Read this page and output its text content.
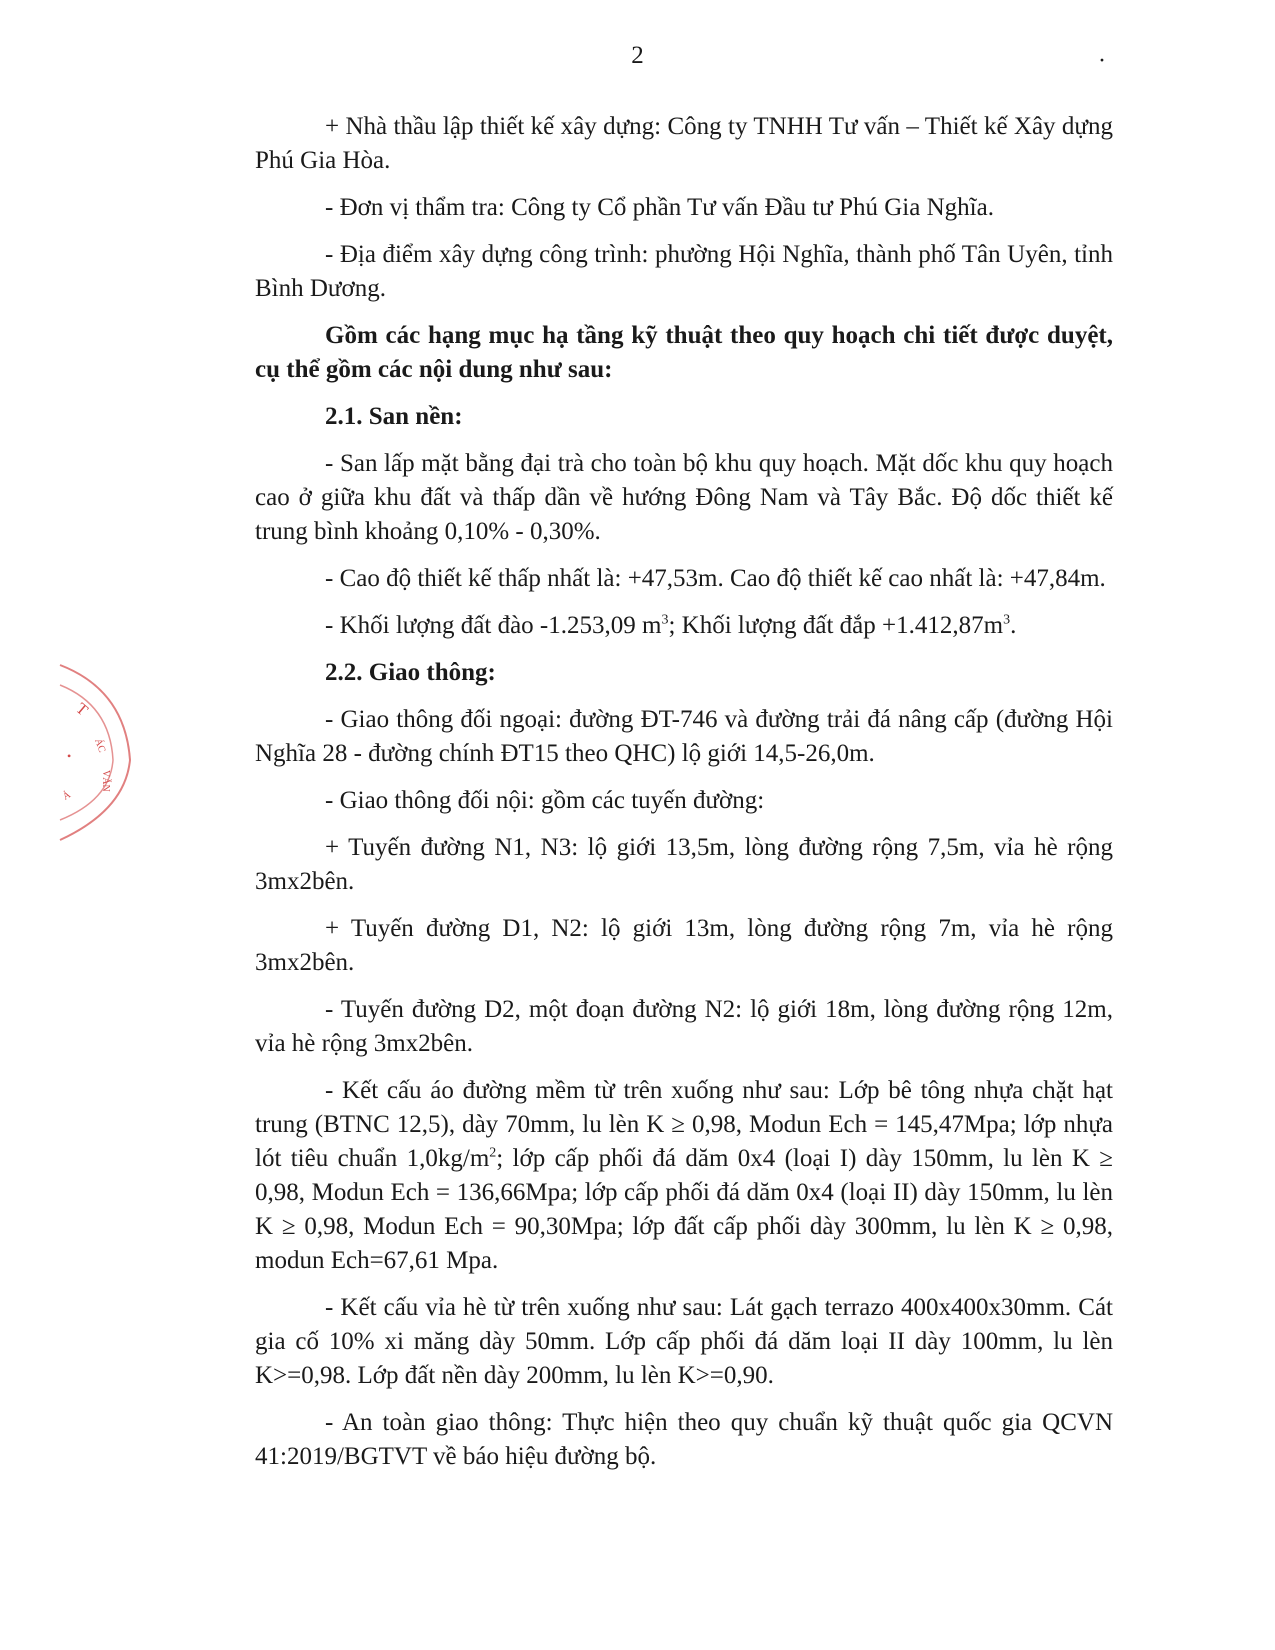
2	·
T
ÁC
VĂN
•
Ả

+ Nhà thầu lập thiết kế xây dựng: Công ty TNHH Tư vấn – Thiết kế Xây dựng Phú Gia Hòa.

- Đơn vị thẩm tra: Công ty Cổ phần Tư vấn Đầu tư Phú Gia Nghĩa.

- Địa điểm xây dựng công trình: phường Hội Nghĩa, thành phố Tân Uyên, tỉnh Bình Dương.

Gồm các hạng mục hạ tầng kỹ thuật theo quy hoạch chi tiết được duyệt, cụ thể gồm các nội dung như sau:

2.1. San nền:

- San lấp mặt bằng đại trà cho toàn bộ khu quy hoạch. Mặt dốc khu quy hoạch cao ở giữa khu đất và thấp dần về hướng Đông Nam và Tây Bắc. Độ dốc thiết kế trung bình khoảng 0,10% - 0,30%.

- Cao độ thiết kế thấp nhất là: +47,53m. Cao độ thiết kế cao nhất là: +47,84m.

- Khối lượng đất đào -1.253,09 $m^3$; Khối lượng đất đắp $+1.412,87m^3$.

2.2. Giao thông:

- Giao thông đối ngoại: đường ĐT-746 và đường trải đá nâng cấp (đường Hội Nghĩa 28 - đường chính ĐT15 theo QHC) lộ giới 14,5-26,0m.

- Giao thông đối nội: gồm các tuyến đường:

+ Tuyến đường N1, N3: lộ giới 13,5m, lòng đường rộng 7,5m, vỉa hè rộng 3mx2bên.

+ Tuyến đường D1, N2: lộ giới 13m, lòng đường rộng 7m, vỉa hè rộng 3mx2bên.

- Tuyến đường D2, một đoạn đường N2: lộ giới 18m, lòng đường rộng 12m, vỉa hè rộng 3mx2bên.

- Kết cấu áo đường mềm từ trên xuống như sau: Lớp bê tông nhựa chặt hạt trung (BTNC 12,5), dày 70mm, lu lèn K ≥ 0,98, Modun Ech = 145,47Mpa; lớp nhựa lót tiêu chuẩn $1,0kg/m^2$; lớp cấp phối đá dăm 0x4 (loại I) dày 150mm, lu lèn K ≥ 0,98, Modun Ech = 136,66Mpa; lớp cấp phối đá dăm 0x4 (loại II) dày 150mm, lu lèn K ≥ 0,98, Modun Ech = 90,30Mpa; lớp đất cấp phối dày 300mm, lu lèn K ≥ 0,98, modun Ech=67,61 Mpa.

- Kết cấu vỉa hè từ trên xuống như sau: Lát gạch terrazo 400x400x30mm. Cát gia cố 10% xi măng dày 50mm. Lớp cấp phối đá dăm loại II dày 100mm, lu lèn K>=0,98. Lớp đất nền dày 200mm, lu lèn K>=0,90.

- An toàn giao thông: Thực hiện theo quy chuẩn kỹ thuật quốc gia QCVN 41:2019/BGTVT về báo hiệu đường bộ.
